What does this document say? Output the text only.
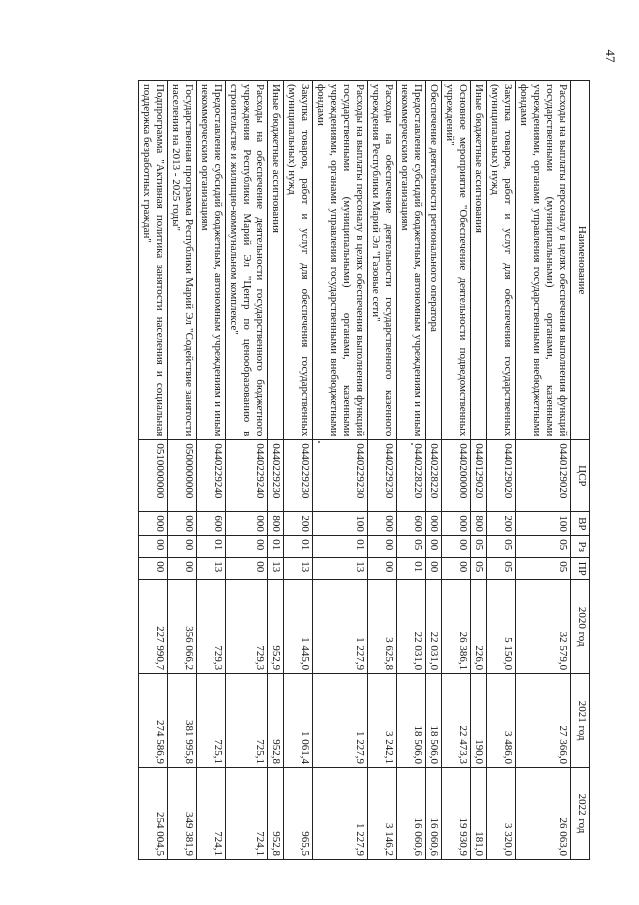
47
Наименование	ЦСР	ВР	Рз	ПР	2020 год	2021 год	2022 год
Расходы на выплаты персоналу в целях обеспечения выполнения функций государственными (муниципальными) органами, казенными учреждениями, органами управления государственными внебюджетными фондами	0440129020	100	05	05	32 579,0	27 366,0	26 063,0
Закупка товаров, работ и услуг для обеспечения государственных (муниципальных) нужд	0440129020	200	05	05	5 150,0	3 486,0	3 320,0
Иные бюджетные ассигнования	0440129020	800	05	05	226,0	190,0	181,0
Основное мероприятие "Обеспечение деятельности подведомственных учреждений"	0440200000	000	00	00	26 386,1	22 473,3	19 930,9
Обеспечение деятельности регионального оператора	0440228220	000	00	00	22 031,0	18 506,0	16 060,6
Предоставление субсидий бюджетным, автономным учреждениям и иным некоммерческим организациям	0440228220	600	05	01	22 031,0	18 506,0	16 060,6
Расходы на обеспечение деятельности государственного казенного учреждения Республики Марий Эл "Газовые сети"	0440229230	000	00	00	3 625,8	3 242,1	3 146,2
Расходы на выплаты персоналу в целях обеспечения выполнения функций государственными (муниципальными) органами, казенными учреждениями, органами управления государственными внебюджетными фондами	0440229230	100	01	13	1 227,9	1 227,9	1 227,9
Закупка товаров, работ и услуг для обеспечения государственных (муниципальных) нужд	0440229230	200	01	13	1 445,0	1 061,4	965,5
Иные бюджетные ассигнования	0440229230	800	01	13	952,9	952,8	952,8
Расходы на обеспечение деятельности государственного бюджетного учреждения Республики Марий Эл "Центр по ценообразованию в строительстве и жилищно-коммунальном комплексе"	0440229240	000	00	00	729,3	725,1	724,1
Предоставление субсидий бюджетным, автономным учреждениям и иным некоммерческим организациям	0440229240	600	01	13	729,3	725,1	724,1
Государственная программа Республики Марий Эл "Содействие занятости населения на 2013 - 2025 годы"	0500000000	000	00	00	356 066,2	381 995,8	349 381,9
Подпрограмма "Активная политика занятости населения и социальная поддержка безработных граждан"	0510000000	000	00	00	227 990,7	274 586,9	254 004,5
